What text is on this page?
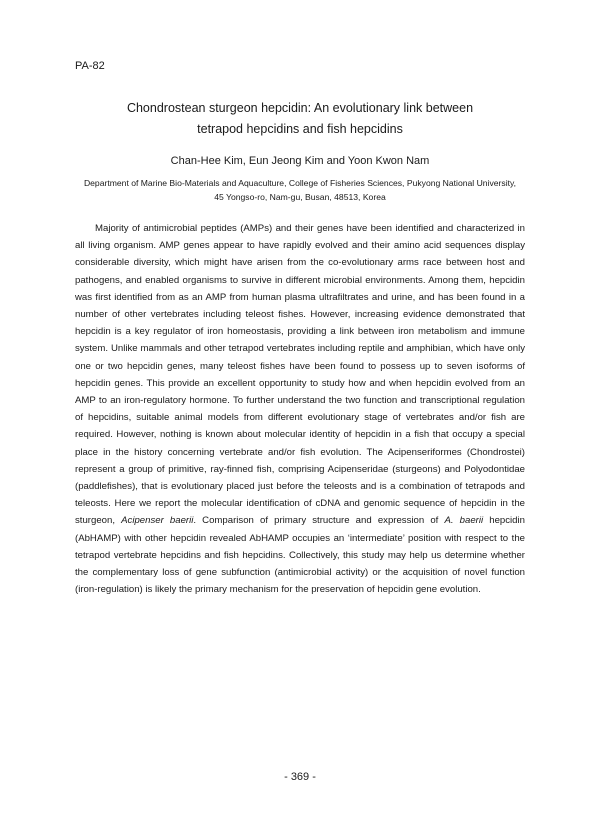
PA-82
Chondrostean sturgeon hepcidin: An evolutionary link between
tetrapod hepcidins and fish hepcidins
Chan-Hee Kim, Eun Jeong Kim and Yoon Kwon Nam
Department of Marine Bio-Materials and Aquaculture, College of Fisheries Sciences, Pukyong National University,
45 Yongso-ro, Nam-gu, Busan, 48513, Korea

Majority of antimicrobial peptides (AMPs) and their genes have been identified and characterized in all living organism. AMP genes appear to have rapidly evolved and their amino acid sequences display considerable diversity, which might have arisen from the co-evolutionary arms race between host and pathogens, and enabled organisms to survive in different microbial environments. Among them, hepcidin was first identified from as an AMP from human plasma ultrafiltrates and urine, and has been found in a number of other vertebrates including teleost fishes. However, increasing evidence demonstrated that hepcidin is a key regulator of iron homeostasis, providing a link between iron metabolism and immune system. Unlike mammals and other tetrapod vertebrates including reptile and amphibian, which have only one or two hepcidin genes, many teleost fishes have been found to possess up to seven isoforms of hepcidin genes. This provide an excellent opportunity to study how and when hepcidin evolved from an AMP to an iron-regulatory hormone. To further understand the two function and transcriptional regulation of hepcidins, suitable animal models from different evolutionary stage of vertebrates and/or fish are required. However, nothing is known about molecular identity of hepcidin in a fish that occupy a special place in the history concerning vertebrate and/or fish evolution. The Acipenseriformes (Chondrostei) represent a group of primitive, ray-finned fish, comprising Acipenseridae (sturgeons) and Polyodontidae (paddlefishes), that is evolutionary placed just before the teleosts and is a combination of tetrapods and teleosts. Here we report the molecular identification of cDNA and genomic sequence of hepcidin in the sturgeon, Acipenser baerii. Comparison of primary structure and expression of A. baerii hepcidin (AbHAMP) with other hepcidin revealed AbHAMP occupies an ‘intermediate’ position with respect to the tetrapod vertebrate hepcidins and fish hepcidins. Collectively, this study may help us determine whether the complementary loss of gene subfunction (antimicrobial activity) or the acquisition of novel function (iron-regulation) is likely the primary mechanism for the preservation of hepcidin gene evolution.

- 369 -
